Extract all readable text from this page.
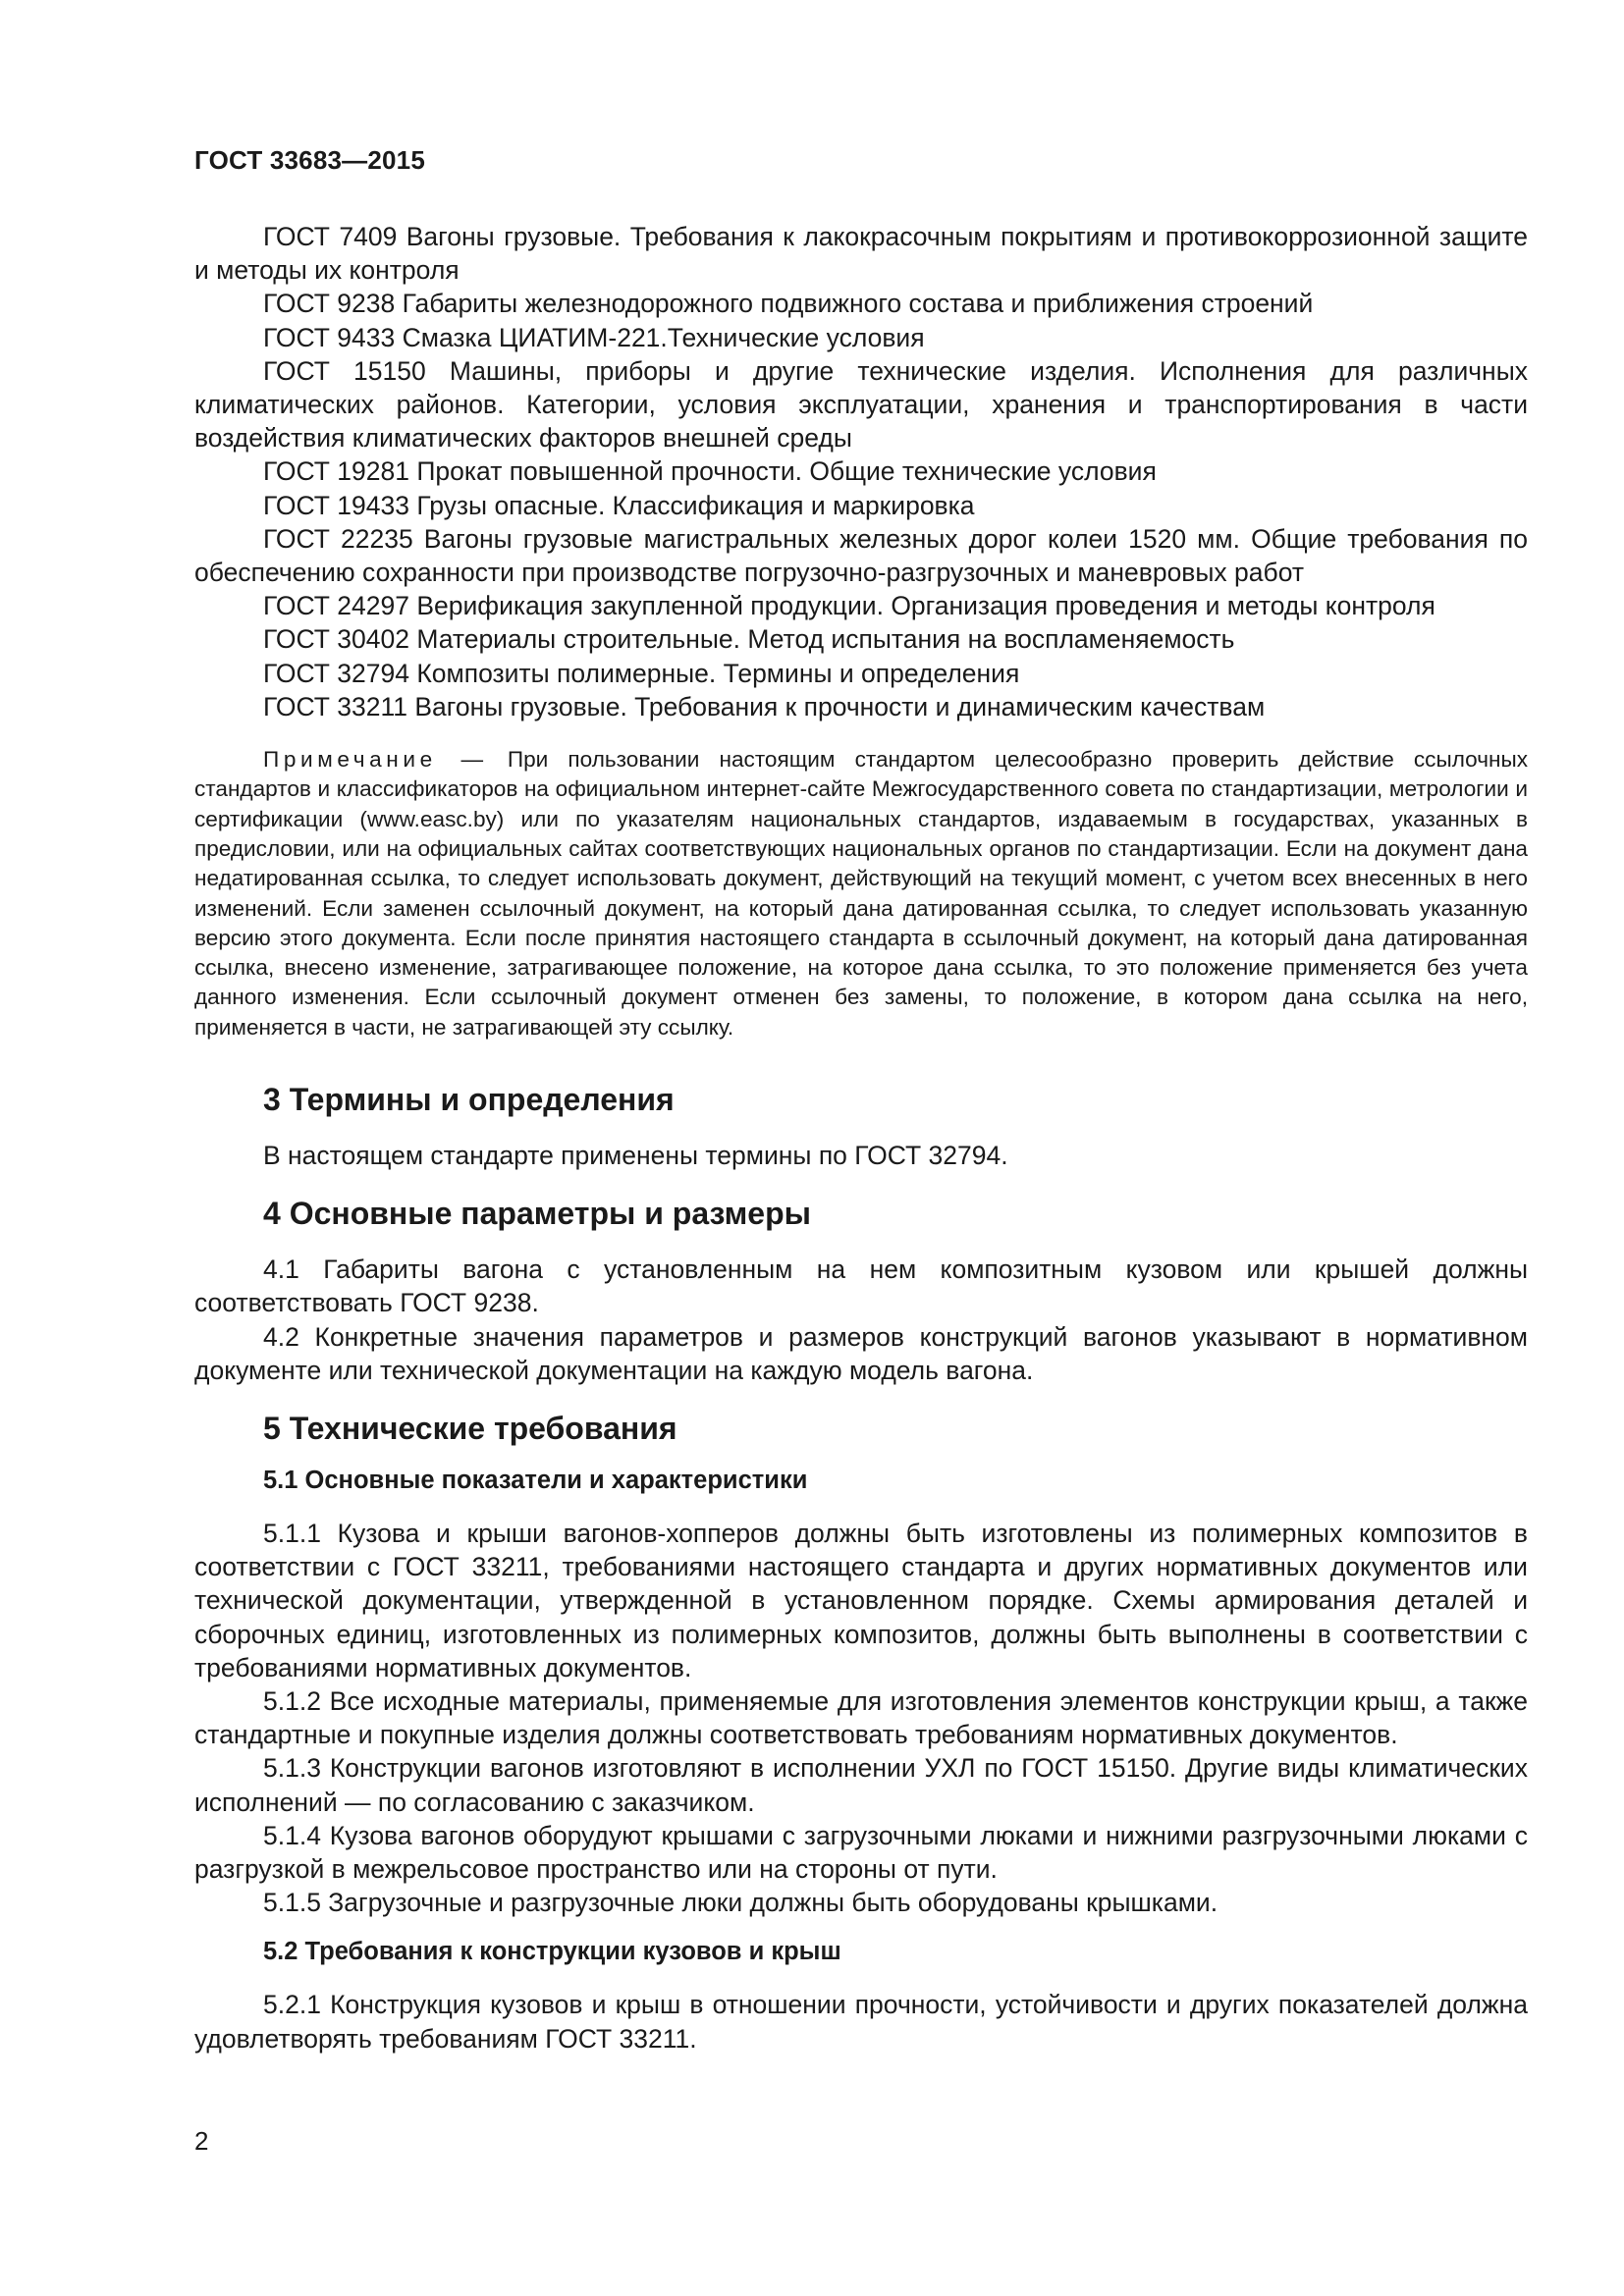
ГОСТ 33683—2015

ГОСТ 7409 Вагоны грузовые. Требования к лакокрасочным покрытиям и противокоррозионной защите и методы их контроля

ГОСТ 9238 Габариты железнодорожного подвижного состава и приближения строений

ГОСТ 9433 Смазка ЦИАТИМ-221.Технические условия

ГОСТ 15150 Машины, приборы и другие технические изделия. Исполнения для различных климатических районов. Категории, условия эксплуатации, хранения и транспортирования в части воздействия климатических факторов внешней среды

ГОСТ 19281 Прокат повышенной прочности. Общие технические условия

ГОСТ 19433 Грузы опасные. Классификация и маркировка

ГОСТ 22235 Вагоны грузовые магистральных железных дорог колеи 1520 мм. Общие требования по обеспечению сохранности при производстве погрузочно-разгрузочных и маневровых работ

ГОСТ 24297 Верификация закупленной продукции. Организация проведения и методы контроля

ГОСТ 30402 Материалы строительные. Метод испытания на воспламеняемость

ГОСТ 32794 Композиты полимерные. Термины и определения

ГОСТ 33211 Вагоны грузовые. Требования к прочности и динамическим качествам

Примечание — При пользовании настоящим стандартом целесообразно проверить действие ссылочных стандартов и классификаторов на официальном интернет-сайте Межгосударственного совета по стандартизации, метрологии и сертификации (www.easc.by) или по указателям национальных стандартов, издаваемым в государствах, указанных в предисловии, или на официальных сайтах соответствующих национальных органов по стандартизации. Если на документ дана недатированная ссылка, то следует использовать документ, действующий на текущий момент, с учетом всех внесенных в него изменений. Если заменен ссылочный документ, на который дана датированная ссылка, то следует использовать указанную версию этого документа. Если после принятия настоящего стандарта в ссылочный документ, на который дана датированная ссылка, внесено изменение, затрагивающее положение, на которое дана ссылка, то это положение применяется без учета данного изменения. Если ссылочный документ отменен без замены, то положение, в котором дана ссылка на него, применяется в части, не затрагивающей эту ссылку.

3 Термины и определения

В настоящем стандарте применены термины по ГОСТ 32794.

4 Основные параметры и размеры

4.1 Габариты вагона с установленным на нем композитным кузовом или крышей должны соответствовать ГОСТ 9238.

4.2 Конкретные значения параметров и размеров конструкций вагонов указывают в нормативном документе или технической документации на каждую модель вагона.

5 Технические требования
5.1 Основные показатели и характеристики

5.1.1 Кузова и крыши вагонов-хопперов должны быть изготовлены из полимерных композитов в соответствии с ГОСТ 33211, требованиями настоящего стандарта и других нормативных документов или технической документации, утвержденной в установленном порядке. Схемы армирования деталей и сборочных единиц, изготовленных из полимерных композитов, должны быть выполнены в соответствии с требованиями нормативных документов.

5.1.2 Все исходные материалы, применяемые для изготовления элементов конструкции крыш, а также стандартные и покупные изделия должны соответствовать требованиям нормативных документов.

5.1.3 Конструкции вагонов изготовляют в исполнении УХЛ по ГОСТ 15150. Другие виды климатических исполнений — по согласованию с заказчиком.

5.1.4 Кузова вагонов оборудуют крышами с загрузочными люками и нижними разгрузочными люками с разгрузкой в межрельсовое пространство или на стороны от пути.

5.1.5 Загрузочные и разгрузочные люки должны быть оборудованы крышками.

5.2 Требования к конструкции кузовов и крыш

5.2.1 Конструкция кузовов и крыш в отношении прочности, устойчивости и других показателей должна удовлетворять требованиям ГОСТ 33211.

2
